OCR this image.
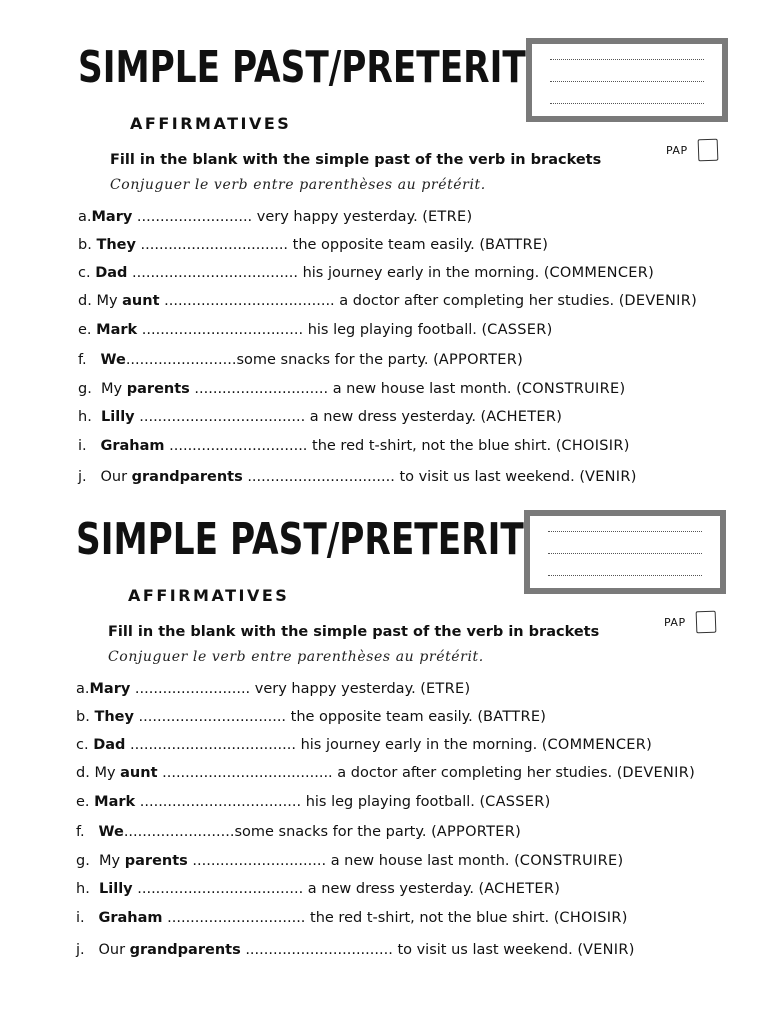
SIMPLE PAST/PRETERIT
AFFIRMATIVES
PAP
Fill in the blank with the simple past of the verb in brackets
Conjuguer le verb entre parenthèses au prétérit.
a.Mary ......................... very happy yesterday. (ETRE)
b. They ................................ the opposite team easily. (BATTRE)
c. Dad .................................... his journey early in the morning. (COMMENCER)
d. My aunt ..................................... a doctor after completing her studies. (DEVENIR)
e. Mark ................................... his leg playing football. (CASSER)
f.   We........................some snacks for the party. (APPORTER)
g.  My parents ............................. a new house last month. (CONSTRUIRE)
h.  Lilly .................................... a new dress yesterday. (ACHETER)
i.   Graham .............................. the red t-shirt, not the blue shirt. (CHOISIR)
j.   Our grandparents ................................ to visit us last weekend. (VENIR)
SIMPLE PAST/PRETERIT
AFFIRMATIVES
PAP
Fill in the blank with the simple past of the verb in brackets
Conjuguer le verb entre parenthèses au prétérit.
a.Mary ......................... very happy yesterday. (ETRE)
b. They ................................ the opposite team easily. (BATTRE)
c. Dad .................................... his journey early in the morning. (COMMENCER)
d. My aunt ..................................... a doctor after completing her studies. (DEVENIR)
e. Mark ................................... his leg playing football. (CASSER)
f.   We........................some snacks for the party. (APPORTER)
g.  My parents ............................. a new house last month. (CONSTRUIRE)
h.  Lilly .................................... a new dress yesterday. (ACHETER)
i.   Graham .............................. the red t-shirt, not the blue shirt. (CHOISIR)
j.   Our grandparents ................................ to visit us last weekend. (VENIR)
